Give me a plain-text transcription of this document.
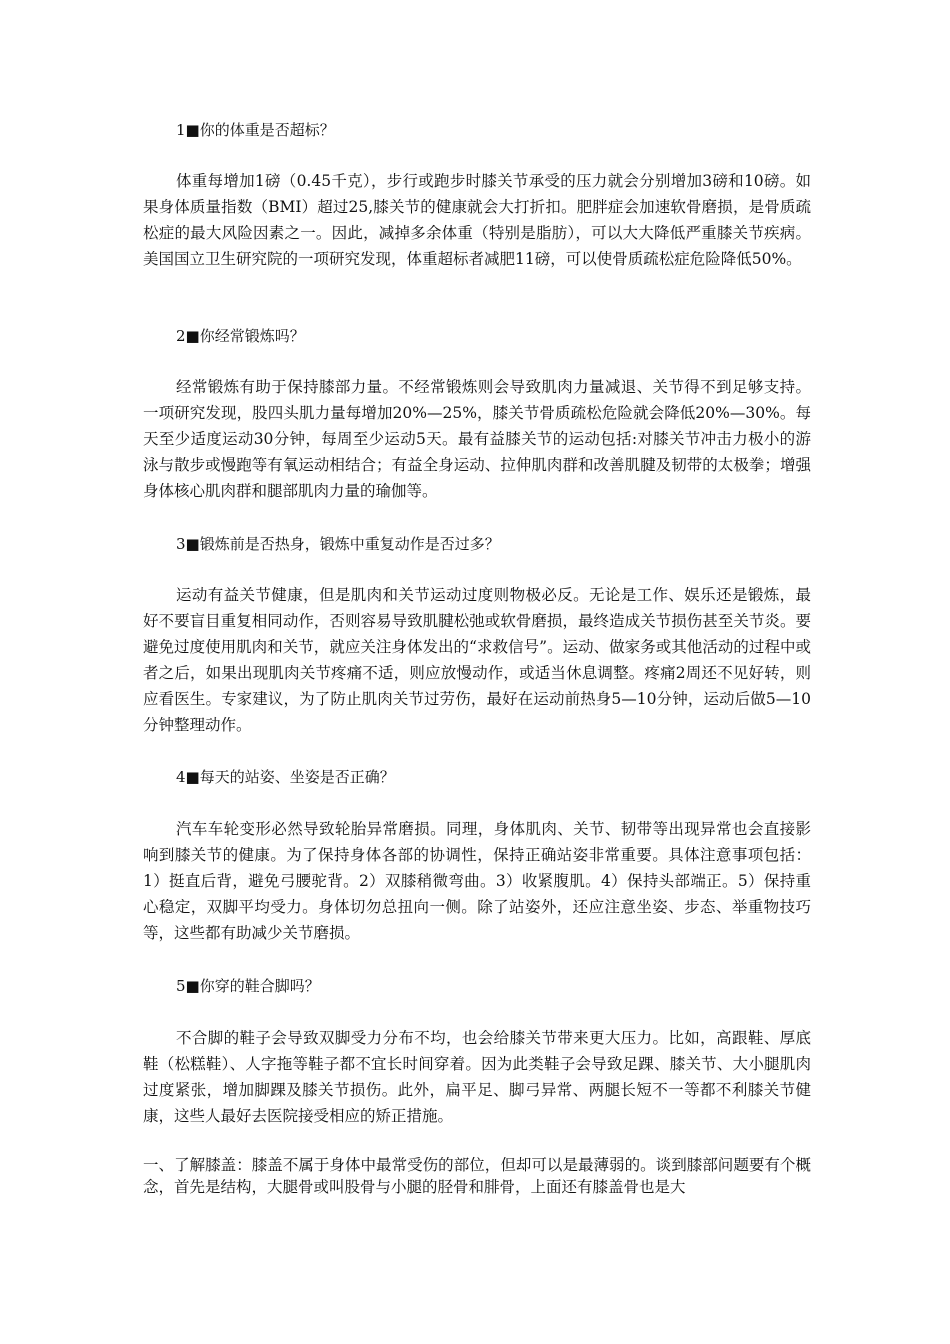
1■你的体重是否超标？
体重每增加1磅（0.45千克），步行或跑步时膝关节承受的压力就会分别增加3磅和10磅。如果身体质量指数（BMI）超过25,膝关节的健康就会大打折扣。肥胖症会加速软骨磨损，是骨质疏松症的最大风险因素之一。因此，减掉多余体重（特别是脂肪），可以大大降低严重膝关节疾病。美国国立卫生研究院的一项研究发现，体重超标者减肥11磅，可以使骨质疏松症危险降低50%。
2■你经常锻炼吗？
经常锻炼有助于保持膝部力量。不经常锻炼则会导致肌肉力量减退、关节得不到足够支持。一项研究发现，股四头肌力量每增加20%—25%，膝关节骨质疏松危险就会降低20%—30%。每天至少适度运动30分钟，每周至少运动5天。最有益膝关节的运动包括:对膝关节冲击力极小的游泳与散步或慢跑等有氧运动相结合；有益全身运动、拉伸肌肉群和改善肌腱及韧带的太极拳；增强身体核心肌肉群和腿部肌肉力量的瑜伽等。
3■锻炼前是否热身，锻炼中重复动作是否过多？
运动有益关节健康，但是肌肉和关节运动过度则物极必反。无论是工作、娱乐还是锻炼，最好不要盲目重复相同动作，否则容易导致肌腱松弛或软骨磨损，最终造成关节损伤甚至关节炎。要避免过度使用肌肉和关节，就应关注身体发出的“求救信号”。运动、做家务或其他活动的过程中或者之后，如果出现肌肉关节疼痛不适，则应放慢动作，或适当休息调整。疼痛2周还不见好转，则应看医生。专家建议，为了防止肌肉关节过劳伤，最好在运动前热身5—10分钟，运动后做5—10分钟整理动作。
4■每天的站姿、坐姿是否正确？
汽车车轮变形必然导致轮胎异常磨损。同理，身体肌肉、关节、韧带等出现异常也会直接影响到膝关节的健康。为了保持身体各部的协调性，保持正确站姿非常重要。具体注意事项包括：1）挺直后背，避免弓腰驼背。2）双膝稍微弯曲。3）收紧腹肌。4）保持头部端正。5）保持重心稳定，双脚平均受力。身体切勿总扭向一侧。除了站姿外，还应注意坐姿、步态、举重物技巧等，这些都有助减少关节磨损。
5■你穿的鞋合脚吗？
不合脚的鞋子会导致双脚受力分布不均，也会给膝关节带来更大压力。比如，高跟鞋、厚底鞋（松糕鞋）、人字拖等鞋子都不宜长时间穿着。因为此类鞋子会导致足踝、膝关节、大小腿肌肉过度紧张，增加脚踝及膝关节损伤。此外，扁平足、脚弓异常、两腿长短不一等都不利膝关节健康，这些人最好去医院接受相应的矫正措施。
一、了解膝盖：膝盖不属于身体中最常受伤的部位，但却可以是最薄弱的。谈到膝部问题要有个概念，首先是结构，大腿骨或叫股骨与小腿的胫骨和腓骨，上面还有膝盖骨也是大
